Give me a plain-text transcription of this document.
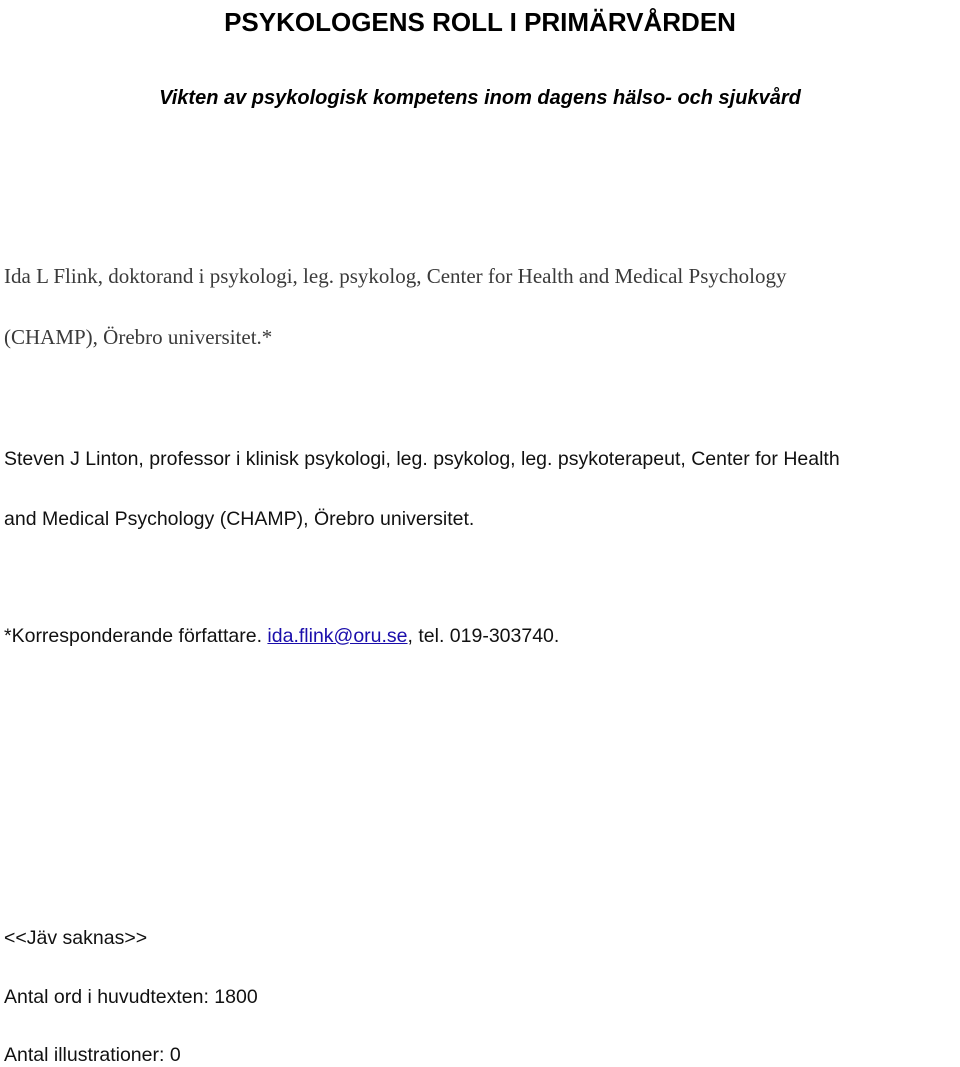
PSYKOLOGENS ROLL I PRIMÄRVÅRDEN

Vikten av psykologisk kompetens inom dagens hälso- och sjukvård

Ida L Flink, doktorand i psykologi, leg. psykolog, Center for Health and Medical Psychology

(CHAMP), Örebro universitet.*

Steven J Linton, professor i klinisk psykologi, leg. psykolog, leg. psykoterapeut, Center for Health

and Medical Psychology (CHAMP), Örebro universitet.

*Korresponderande författare. ida.flink@oru.se, tel. 019-303740.

<<Jäv saknas>>

Antal ord i huvudtexten: 1800

Antal illustrationer: 0
